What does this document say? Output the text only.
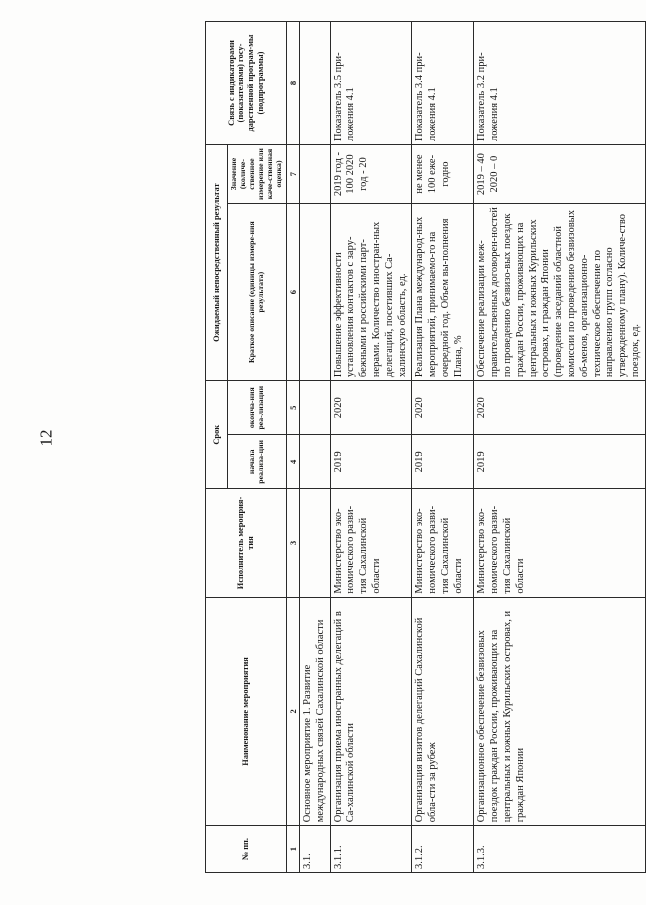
12
№ пп.	Наименование мероприятия	Исполнитель мероприя-тия	Срок		Ожидаемый непосредственный результат		Связь с индикаторами (показателями) госу-дарственной програм-мы (подпрограммы)
			начала реализа-ции	оконча-ния реа-лизации	Краткое описание (единицы измере-ния результата)	Значение (количе-ственное измерение или каче-ственная оценка)	
1	2	3	4	5	6	7	8
3.1.	Основное мероприятие 1. Развитие международных связей Сахалинской области						
3.1.1.	Организация приема иностранных делегаций в Са-халинской области	Министерство эко-номического разви-тия Сахалинской области	2019	2020	Повышение эффективности установления контактов с зару-бежными и российскими парт-нерами. Количество иностран-ных делегаций, посетивших Са-халинскую область, ед.	2019 год - 100 2020 год - 20	Показатель 3.5 при-ложения 4.1
3.1.2.	Организация визитов делегаций Сахалинской обла-сти за рубеж	Министерство эко-номического разви-тия Сахалинской области	2019	2020	Реализация Плана международ-ных мероприятий, принимаемо-го на очередной год. Объем вы-полнения Плана, %	не менее 100 еже-годно	Показатель 3.4 при-ложения 4.1
3.1.3.	Организационное обеспечение безвизовых поездок граждан России, проживающих на центральных и южных Курильских островах, и граждан Японии	Министерство эко-номического разви-тия Сахалинской области	2019	2020	Обеспечение реализации меж-правительственных договорен-ностей по проведению безвизо-вых поездок граждан России, проживающих на центральных и южных Курильских островах, и граждан Японии (проведение заседаний областной комиссии по проведению безвизовых об-менов, организационно-техническое обеспечение по направлению групп согласно утвержденному плану). Количе-ство поездок, ед.	2019 – 40 2020 – 0	Показатель 3.2 при-ложения 4.1
